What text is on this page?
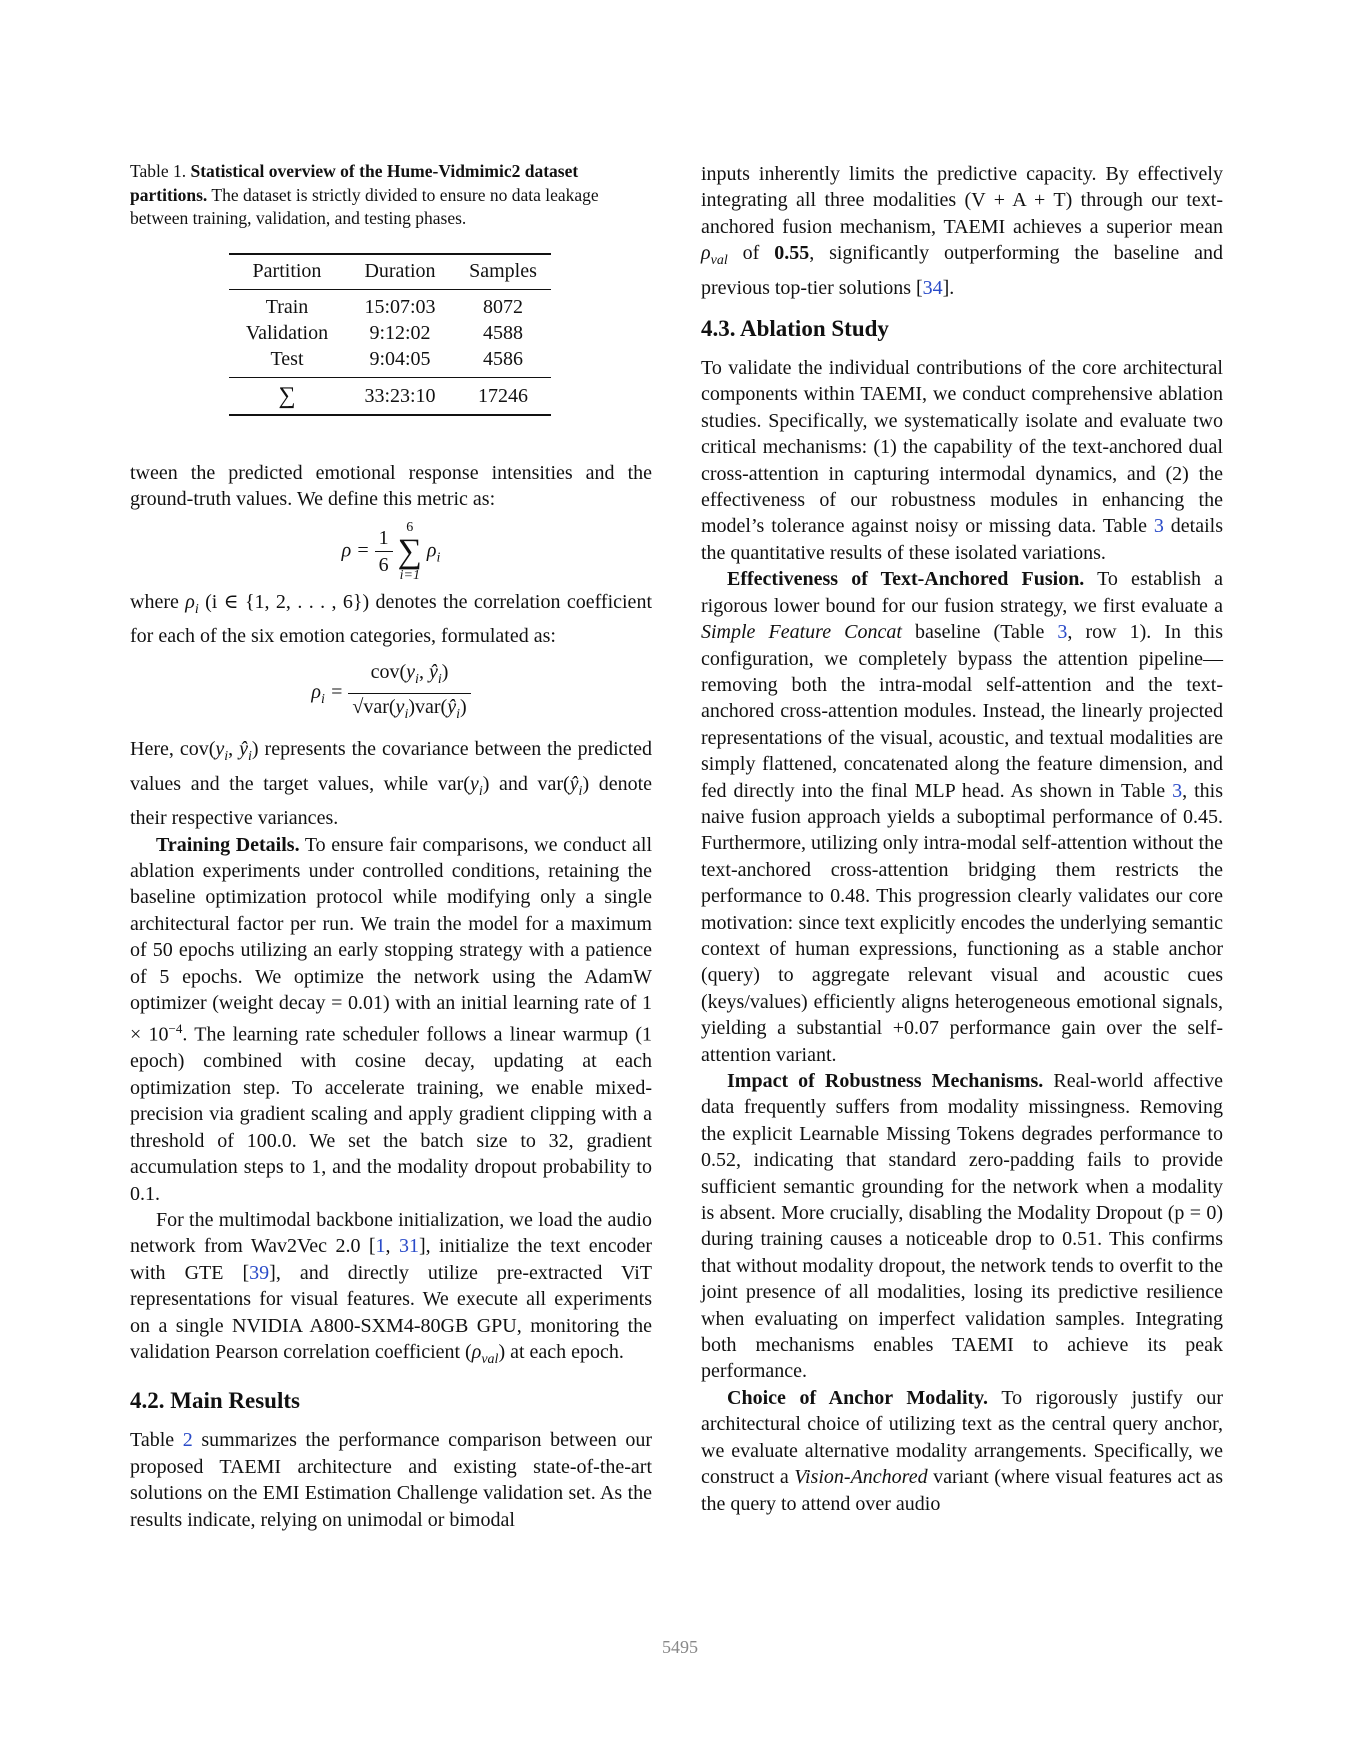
Table 1. Statistical overview of the Hume-Vidmimic2 dataset partitions. The dataset is strictly divided to ensure no data leakage between training, validation, and testing phases.

Partition	Duration	Samples
Train	15:07:03	8072
Validation	9:12:02	4588
Test	9:04:05	4586
∑	33:23:10	17246

tween the predicted emotional response intensities and the ground-truth values. We define this metric as:

$\rho = \frac{1}{6}$
6
∑
i=1
$\rho_i$

where $\rho_i$ (i ∈ {1, 2, . . . , 6}) denotes the correlation coefficient for each of the six emotion categories, formulated as:

$\rho_i = \frac{cov(y_i, ŷ_i)}{√var(y_i)var(ŷ_i)}$

Here, $cov(y_i$, $ŷ_i$) represents the covariance between the predicted values and the target values, while $var(y_i)$ and $var(ŷ_i)$ denote their respective variances.

Training Details. To ensure fair comparisons, we conduct all ablation experiments under controlled conditions, retaining the baseline optimization protocol while modifying only a single architectural factor per run. We train the model for a maximum of 50 epochs utilizing an early stopping strategy with a patience of 5 epochs. We optimize the network using the AdamW optimizer (weight decay = 0.01) with an initial learning rate of $1 \times 10^{-4}$. The learning rate scheduler follows a linear warmup (1 epoch) combined with cosine decay, updating at each optimization step. To accelerate training, we enable mixed-precision via gradient scaling and apply gradient clipping with a threshold of 100.0. We set the batch size to 32, gradient accumulation steps to 1, and the modality dropout probability to 0.1.

For the multimodal backbone initialization, we load the audio network from Wav2Vec 2.0 [1, 31], initialize the text encoder with GTE [39], and directly utilize pre-extracted ViT representations for visual features. We execute all experiments on a single NVIDIA A800-SXM4-80GB GPU, monitoring the validation Pearson correlation coefficient $(\rho_{val})$ at each epoch.

4.2. Main Results

Table 2 summarizes the performance comparison between our proposed TAEMI architecture and existing state-of-the-art solutions on the EMI Estimation Challenge validation set. As the results indicate, relying on unimodal or bimodal

inputs inherently limits the predictive capacity. By effectively integrating all three modalities (V + A + T) through our text-anchored fusion mechanism, TAEMI achieves a superior mean $\rho_{val}$ of 0.55, significantly outperforming the baseline and previous top-tier solutions [34].

4.3. Ablation Study

To validate the individual contributions of the core architectural components within TAEMI, we conduct comprehensive ablation studies. Specifically, we systematically isolate and evaluate two critical mechanisms: (1) the capability of the text-anchored dual cross-attention in capturing intermodal dynamics, and (2) the effectiveness of our robustness modules in enhancing the model’s tolerance against noisy or missing data. Table 3 details the quantitative results of these isolated variations.

Effectiveness of Text-Anchored Fusion. To establish a rigorous lower bound for our fusion strategy, we first evaluate a Simple Feature Concat baseline (Table 3, row 1). In this configuration, we completely bypass the attention pipeline—removing both the intra-modal self-attention and the text-anchored cross-attention modules. Instead, the linearly projected representations of the visual, acoustic, and textual modalities are simply flattened, concatenated along the feature dimension, and fed directly into the final MLP head. As shown in Table 3, this naive fusion approach yields a suboptimal performance of 0.45. Furthermore, utilizing only intra-modal self-attention without the text-anchored cross-attention bridging them restricts the performance to 0.48. This progression clearly validates our core motivation: since text explicitly encodes the underlying semantic context of human expressions, functioning as a stable anchor (query) to aggregate relevant visual and acoustic cues (keys/values) efficiently aligns heterogeneous emotional signals, yielding a substantial +0.07 performance gain over the self-attention variant.

Impact of Robustness Mechanisms. Real-world affective data frequently suffers from modality missingness. Removing the explicit Learnable Missing Tokens degrades performance to 0.52, indicating that standard zero-padding fails to provide sufficient semantic grounding for the network when a modality is absent. More crucially, disabling the Modality Dropout (p = 0) during training causes a noticeable drop to 0.51. This confirms that without modality dropout, the network tends to overfit to the joint presence of all modalities, losing its predictive resilience when evaluating on imperfect validation samples. Integrating both mechanisms enables TAEMI to achieve its peak performance.

Choice of Anchor Modality. To rigorously justify our architectural choice of utilizing text as the central query anchor, we evaluate alternative modality arrangements. Specifically, we construct a Vision-Anchored variant (where visual features act as the query to attend over audio

5495
